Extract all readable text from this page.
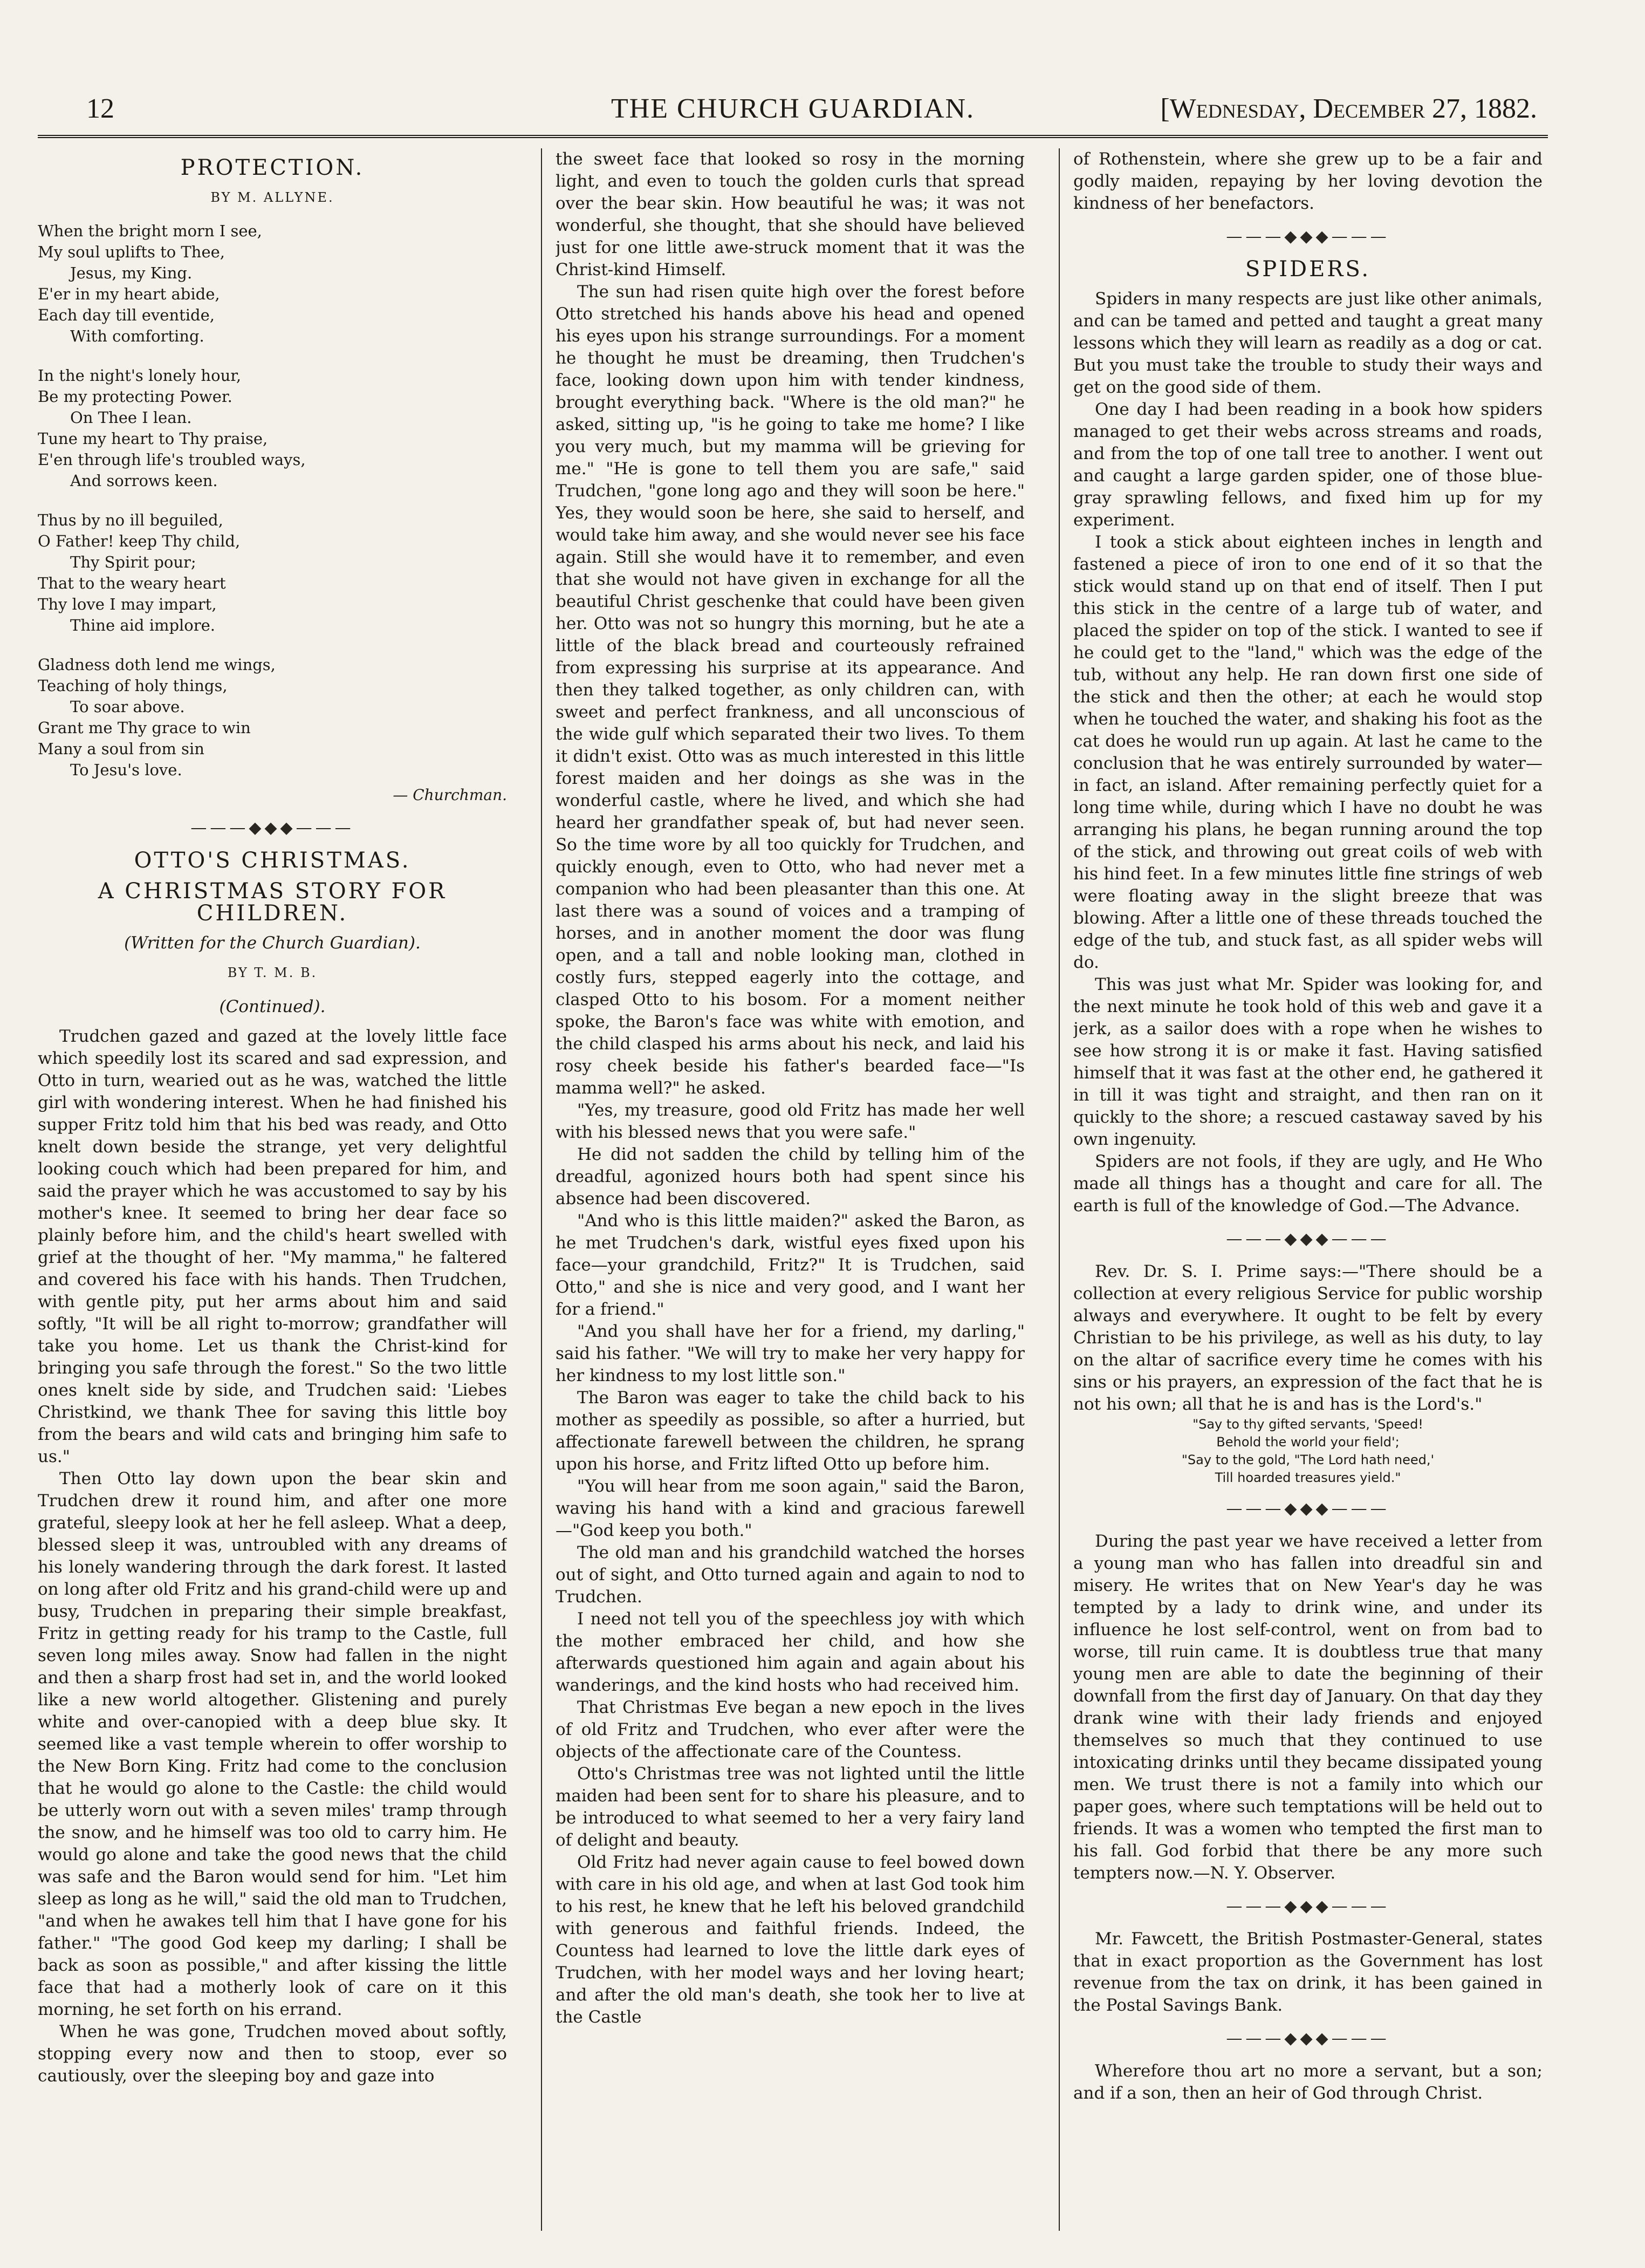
12	THE CHURCH GUARDIAN.	[Wednesday, December 27, 1882.

PROTECTION.

BY M. ALLYNE.

When the bright morn I see,

My soul uplifts to Thee,

Jesus, my King.

E'er in my heart abide,

Each day till eventide,

With comforting.

In the night's lonely hour,

Be my protecting Power.

On Thee I lean.

Tune my heart to Thy praise,

E'en through life's troubled ways,

And sorrows keen.

Thus by no ill beguiled,

O Father! keep Thy child,

Thy Spirit pour;

That to the weary heart

Thy love I may impart,

Thine aid implore.

Gladness doth lend me wings,

Teaching of holy things,

To soar above.

Grant me Thy grace to win

Many a soul from sin

To Jesu's love.

— Churchman.

———◆◆◆———

OTTO'S CHRISTMAS.

A CHRISTMAS STORY FOR CHILDREN.

(Written for the Church Guardian).

BY T. M. B.

(Continued).

Trudchen gazed and gazed at the lovely little face which speedily lost its scared and sad expression, and Otto in turn, wearied out as he was, watched the little girl with wondering interest. When he had finished his supper Fritz told him that his bed was ready, and Otto knelt down beside the strange, yet very delightful looking couch which had been prepared for him, and said the prayer which he was accustomed to say by his mother's knee. It seemed to bring her dear face so plainly before him, and the child's heart swelled with grief at the thought of her. "My mamma," he faltered and covered his face with his hands. Then Trudchen, with gentle pity, put her arms about him and said softly, "It will be all right to-morrow; grandfather will take you home. Let us thank the Christ-kind for bringing you safe through the forest." So the two little ones knelt side by side, and Trudchen said: 'Liebes Christkind, we thank Thee for saving this little boy from the bears and wild cats and bringing him safe to us."

Then Otto lay down upon the bear skin and Trudchen drew it round him, and after one more grateful, sleepy look at her he fell asleep. What a deep, blessed sleep it was, untroubled with any dreams of his lonely wandering through the dark forest. It lasted on long after old Fritz and his grand-child were up and busy, Trudchen in preparing their simple breakfast, Fritz in getting ready for his tramp to the Castle, full seven long miles away. Snow had fallen in the night and then a sharp frost had set in, and the world looked like a new world altogether. Glistening and purely white and over-canopied with a deep blue sky. It seemed like a vast temple wherein to offer worship to the New Born King. Fritz had come to the conclusion that he would go alone to the Castle: the child would be utterly worn out with a seven miles' tramp through the snow, and he himself was too old to carry him. He would go alone and take the good news that the child was safe and the Baron would send for him. "Let him sleep as long as he will," said the old man to Trudchen, "and when he awakes tell him that I have gone for his father." "The good God keep my darling; I shall be back as soon as possible," and after kissing the little face that had a motherly look of care on it this morning, he set forth on his errand.

When he was gone, Trudchen moved about softly, stopping every now and then to stoop, ever so cautiously, over the sleeping boy and gaze into

the sweet face that looked so rosy in the morning light, and even to touch the golden curls that spread over the bear skin. How beautiful he was; it was not wonderful, she thought, that she should have believed just for one little awe-struck moment that it was the Christ-kind Himself.

The sun had risen quite high over the forest before Otto stretched his hands above his head and opened his eyes upon his strange surroundings. For a moment he thought he must be dreaming, then Trudchen's face, looking down upon him with tender kindness, brought everything back. "Where is the old man?" he asked, sitting up, "is he going to take me home? I like you very much, but my mamma will be grieving for me." "He is gone to tell them you are safe," said Trudchen, "gone long ago and they will soon be here." Yes, they would soon be here, she said to herself, and would take him away, and she would never see his face again. Still she would have it to remember, and even that she would not have given in exchange for all the beautiful Christ geschenke that could have been given her. Otto was not so hungry this morning, but he ate a little of the black bread and courteously refrained from expressing his surprise at its appearance. And then they talked together, as only children can, with sweet and perfect frankness, and all unconscious of the wide gulf which separated their two lives. To them it didn't exist. Otto was as much interested in this little forest maiden and her doings as she was in the wonderful castle, where he lived, and which she had heard her grandfather speak of, but had never seen. So the time wore by all too quickly for Trudchen, and quickly enough, even to Otto, who had never met a companion who had been pleasanter than this one. At last there was a sound of voices and a tramping of horses, and in another moment the door was flung open, and a tall and noble looking man, clothed in costly furs, stepped eagerly into the cottage, and clasped Otto to his bosom. For a moment neither spoke, the Baron's face was white with emotion, and the child clasped his arms about his neck, and laid his rosy cheek beside his father's bearded face—"Is mamma well?" he asked.

"Yes, my treasure, good old Fritz has made her well with his blessed news that you were safe."

He did not sadden the child by telling him of the dreadful, agonized hours both had spent since his absence had been discovered.

"And who is this little maiden?" asked the Baron, as he met Trudchen's dark, wistful eyes fixed upon his face—your grandchild, Fritz?" It is Trudchen, said Otto," and she is nice and very good, and I want her for a friend."

"And you shall have her for a friend, my darling," said his father. "We will try to make her very happy for her kindness to my lost little son."

The Baron was eager to take the child back to his mother as speedily as possible, so after a hurried, but affectionate farewell between the children, he sprang upon his horse, and Fritz lifted Otto up before him.

"You will hear from me soon again," said the Baron, waving his hand with a kind and gracious farewell—"God keep you both."

The old man and his grandchild watched the horses out of sight, and Otto turned again and again to nod to Trudchen.

I need not tell you of the speechless joy with which the mother embraced her child, and how she afterwards questioned him again and again about his wanderings, and the kind hosts who had received him.

That Christmas Eve began a new epoch in the lives of old Fritz and Trudchen, who ever after were the objects of the affectionate care of the Countess.

Otto's Christmas tree was not lighted until the little maiden had been sent for to share his pleasure, and to be introduced to what seemed to her a very fairy land of delight and beauty.

Old Fritz had never again cause to feel bowed down with care in his old age, and when at last God took him to his rest, he knew that he left his beloved grandchild with generous and faithful friends. Indeed, the Countess had learned to love the little dark eyes of Trudchen, with her model ways and her loving heart; and after the old man's death, she took her to live at the Castle

of Rothenstein, where she grew up to be a fair and godly maiden, repaying by her loving devotion the kindness of her benefactors.

———◆◆◆———

SPIDERS.

Spiders in many respects are just like other animals, and can be tamed and petted and taught a great many lessons which they will learn as readily as a dog or cat. But you must take the trouble to study their ways and get on the good side of them.

One day I had been reading in a book how spiders managed to get their webs across streams and roads, and from the top of one tall tree to another. I went out and caught a large garden spider, one of those blue-gray sprawling fellows, and fixed him up for my experiment.

I took a stick about eighteen inches in length and fastened a piece of iron to one end of it so that the stick would stand up on that end of itself. Then I put this stick in the centre of a large tub of water, and placed the spider on top of the stick. I wanted to see if he could get to the "land," which was the edge of the tub, without any help. He ran down first one side of the stick and then the other; at each he would stop when he touched the water, and shaking his foot as the cat does he would run up again. At last he came to the conclusion that he was entirely surrounded by water—in fact, an island. After remaining perfectly quiet for a long time while, during which I have no doubt he was arranging his plans, he began running around the top of the stick, and throwing out great coils of web with his hind feet. In a few minutes little fine strings of web were floating away in the slight breeze that was blowing. After a little one of these threads touched the edge of the tub, and stuck fast, as all spider webs will do.

This was just what Mr. Spider was looking for, and the next minute he took hold of this web and gave it a jerk, as a sailor does with a rope when he wishes to see how strong it is or make it fast. Having satisfied himself that it was fast at the other end, he gathered it in till it was tight and straight, and then ran on it quickly to the shore; a rescued castaway saved by his own ingenuity.

Spiders are not fools, if they are ugly, and He Who made all things has a thought and care for all. The earth is full of the knowledge of God.—The Advance.

———◆◆◆———

Rev. Dr. S. I. Prime says:—"There should be a collection at every religious Service for public worship always and everywhere. It ought to be felt by every Christian to be his privilege, as well as his duty, to lay on the altar of sacrifice every time he comes with his sins or his prayers, an expression of the fact that he is not his own; all that he is and has is the Lord's."

"Say to thy gifted servants, 'Speed!

Behold the world your field';

"Say to the gold, "The Lord hath need,'

Till hoarded treasures yield."

———◆◆◆———

During the past year we have received a letter from a young man who has fallen into dreadful sin and misery. He writes that on New Year's day he was tempted by a lady to drink wine, and under its influence he lost self-control, went on from bad to worse, till ruin came. It is doubtless true that many young men are able to date the beginning of their downfall from the first day of January. On that day they drank wine with their lady friends and enjoyed themselves so much that they continued to use intoxicating drinks until they became dissipated young men. We trust there is not a family into which our paper goes, where such temptations will be held out to friends. It was a women who tempted the first man to his fall. God forbid that there be any more such tempters now.—N. Y. Observer.

———◆◆◆———

Mr. Fawcett, the British Postmaster-General, states that in exact proportion as the Government has lost revenue from the tax on drink, it has been gained in the Postal Savings Bank.

———◆◆◆———

Wherefore thou art no more a servant, but a son; and if a son, then an heir of God through Christ.
